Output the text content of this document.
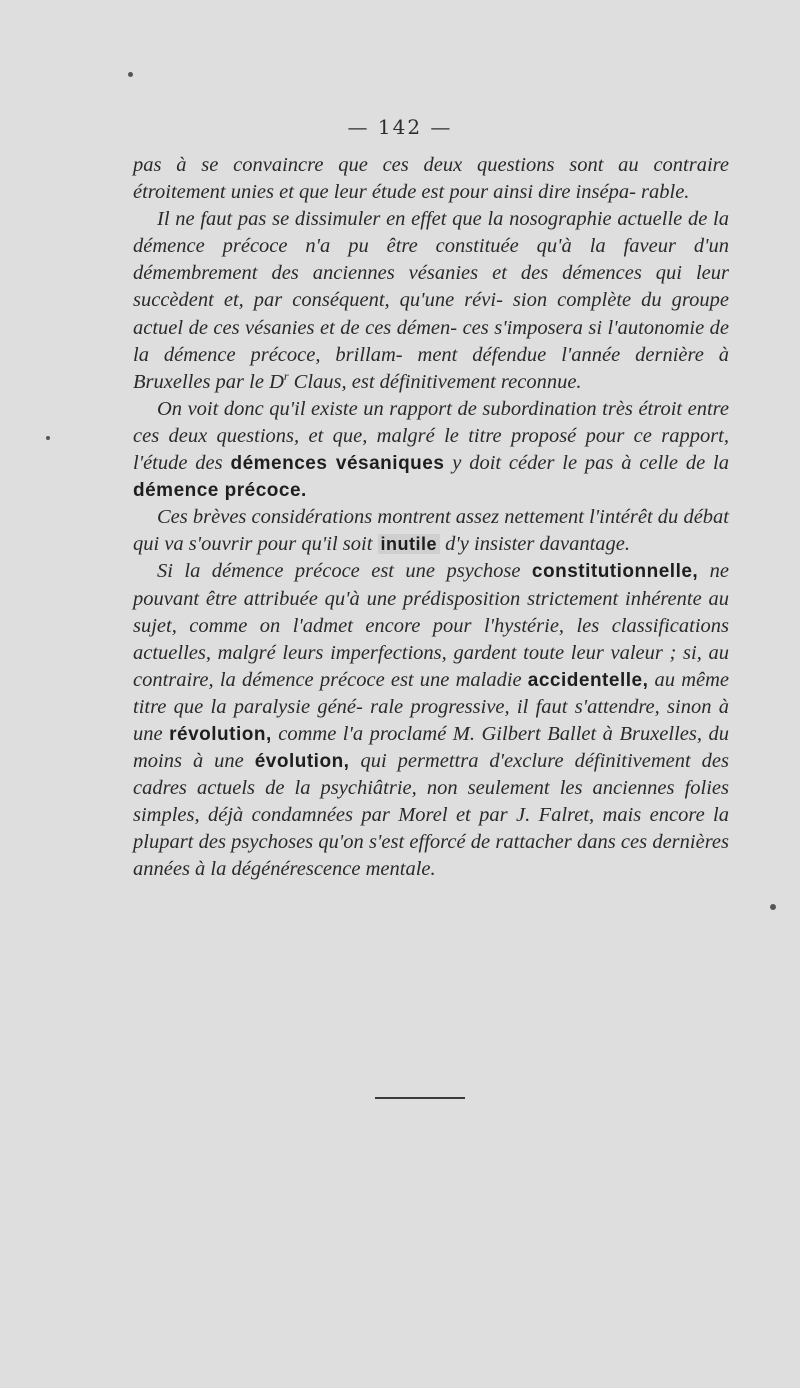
— 142 —

pas à se convaincre que ces deux questions sont au contraire étroitement unies et que leur étude est pour ainsi dire insépa- rable.

Il ne faut pas se dissimuler en effet que la nosographie actuelle de la démence précoce n'a pu être constituée qu'à la faveur d'un démembrement des anciennes vésanies et des démences qui leur succèdent et, par conséquent, qu'une révi- sion complète du groupe actuel de ces vésanies et de ces démen- ces s'imposera si l'autonomie de la démence précoce, brillam- ment défendue l'année dernière à Bruxelles par le $D^r$ Claus, est définitivement reconnue.

On voit donc qu'il existe un rapport de subordination très étroit entre ces deux questions, et que, malgré le titre proposé pour ce rapport, l'étude des démences vésaniques y doit céder le pas à celle de la démence précoce.

Ces brèves considérations montrent assez nettement l'intérêt du débat qui va s'ouvrir pour qu'il soit inutile d'y insister davantage.

Si la démence précoce est une psychose constitutionnelle, ne pouvant être attribuée qu'à une prédisposition strictement inhérente au sujet, comme on l'admet encore pour l'hystérie, les classifications actuelles, malgré leurs imperfections, gardent toute leur valeur ; si, au contraire, la démence précoce est une maladie accidentelle, au même titre que la paralysie géné- rale progressive, il faut s'attendre, sinon à une révolution, comme l'a proclamé M. Gilbert Ballet à Bruxelles, du moins à une évolution, qui permettra d'exclure définitivement des cadres actuels de la psychiâtrie, non seulement les anciennes folies simples, déjà condamnées par Morel et par J. Falret, mais encore la plupart des psychoses qu'on s'est efforcé de rattacher dans ces dernières années à la dégénérescence mentale.
